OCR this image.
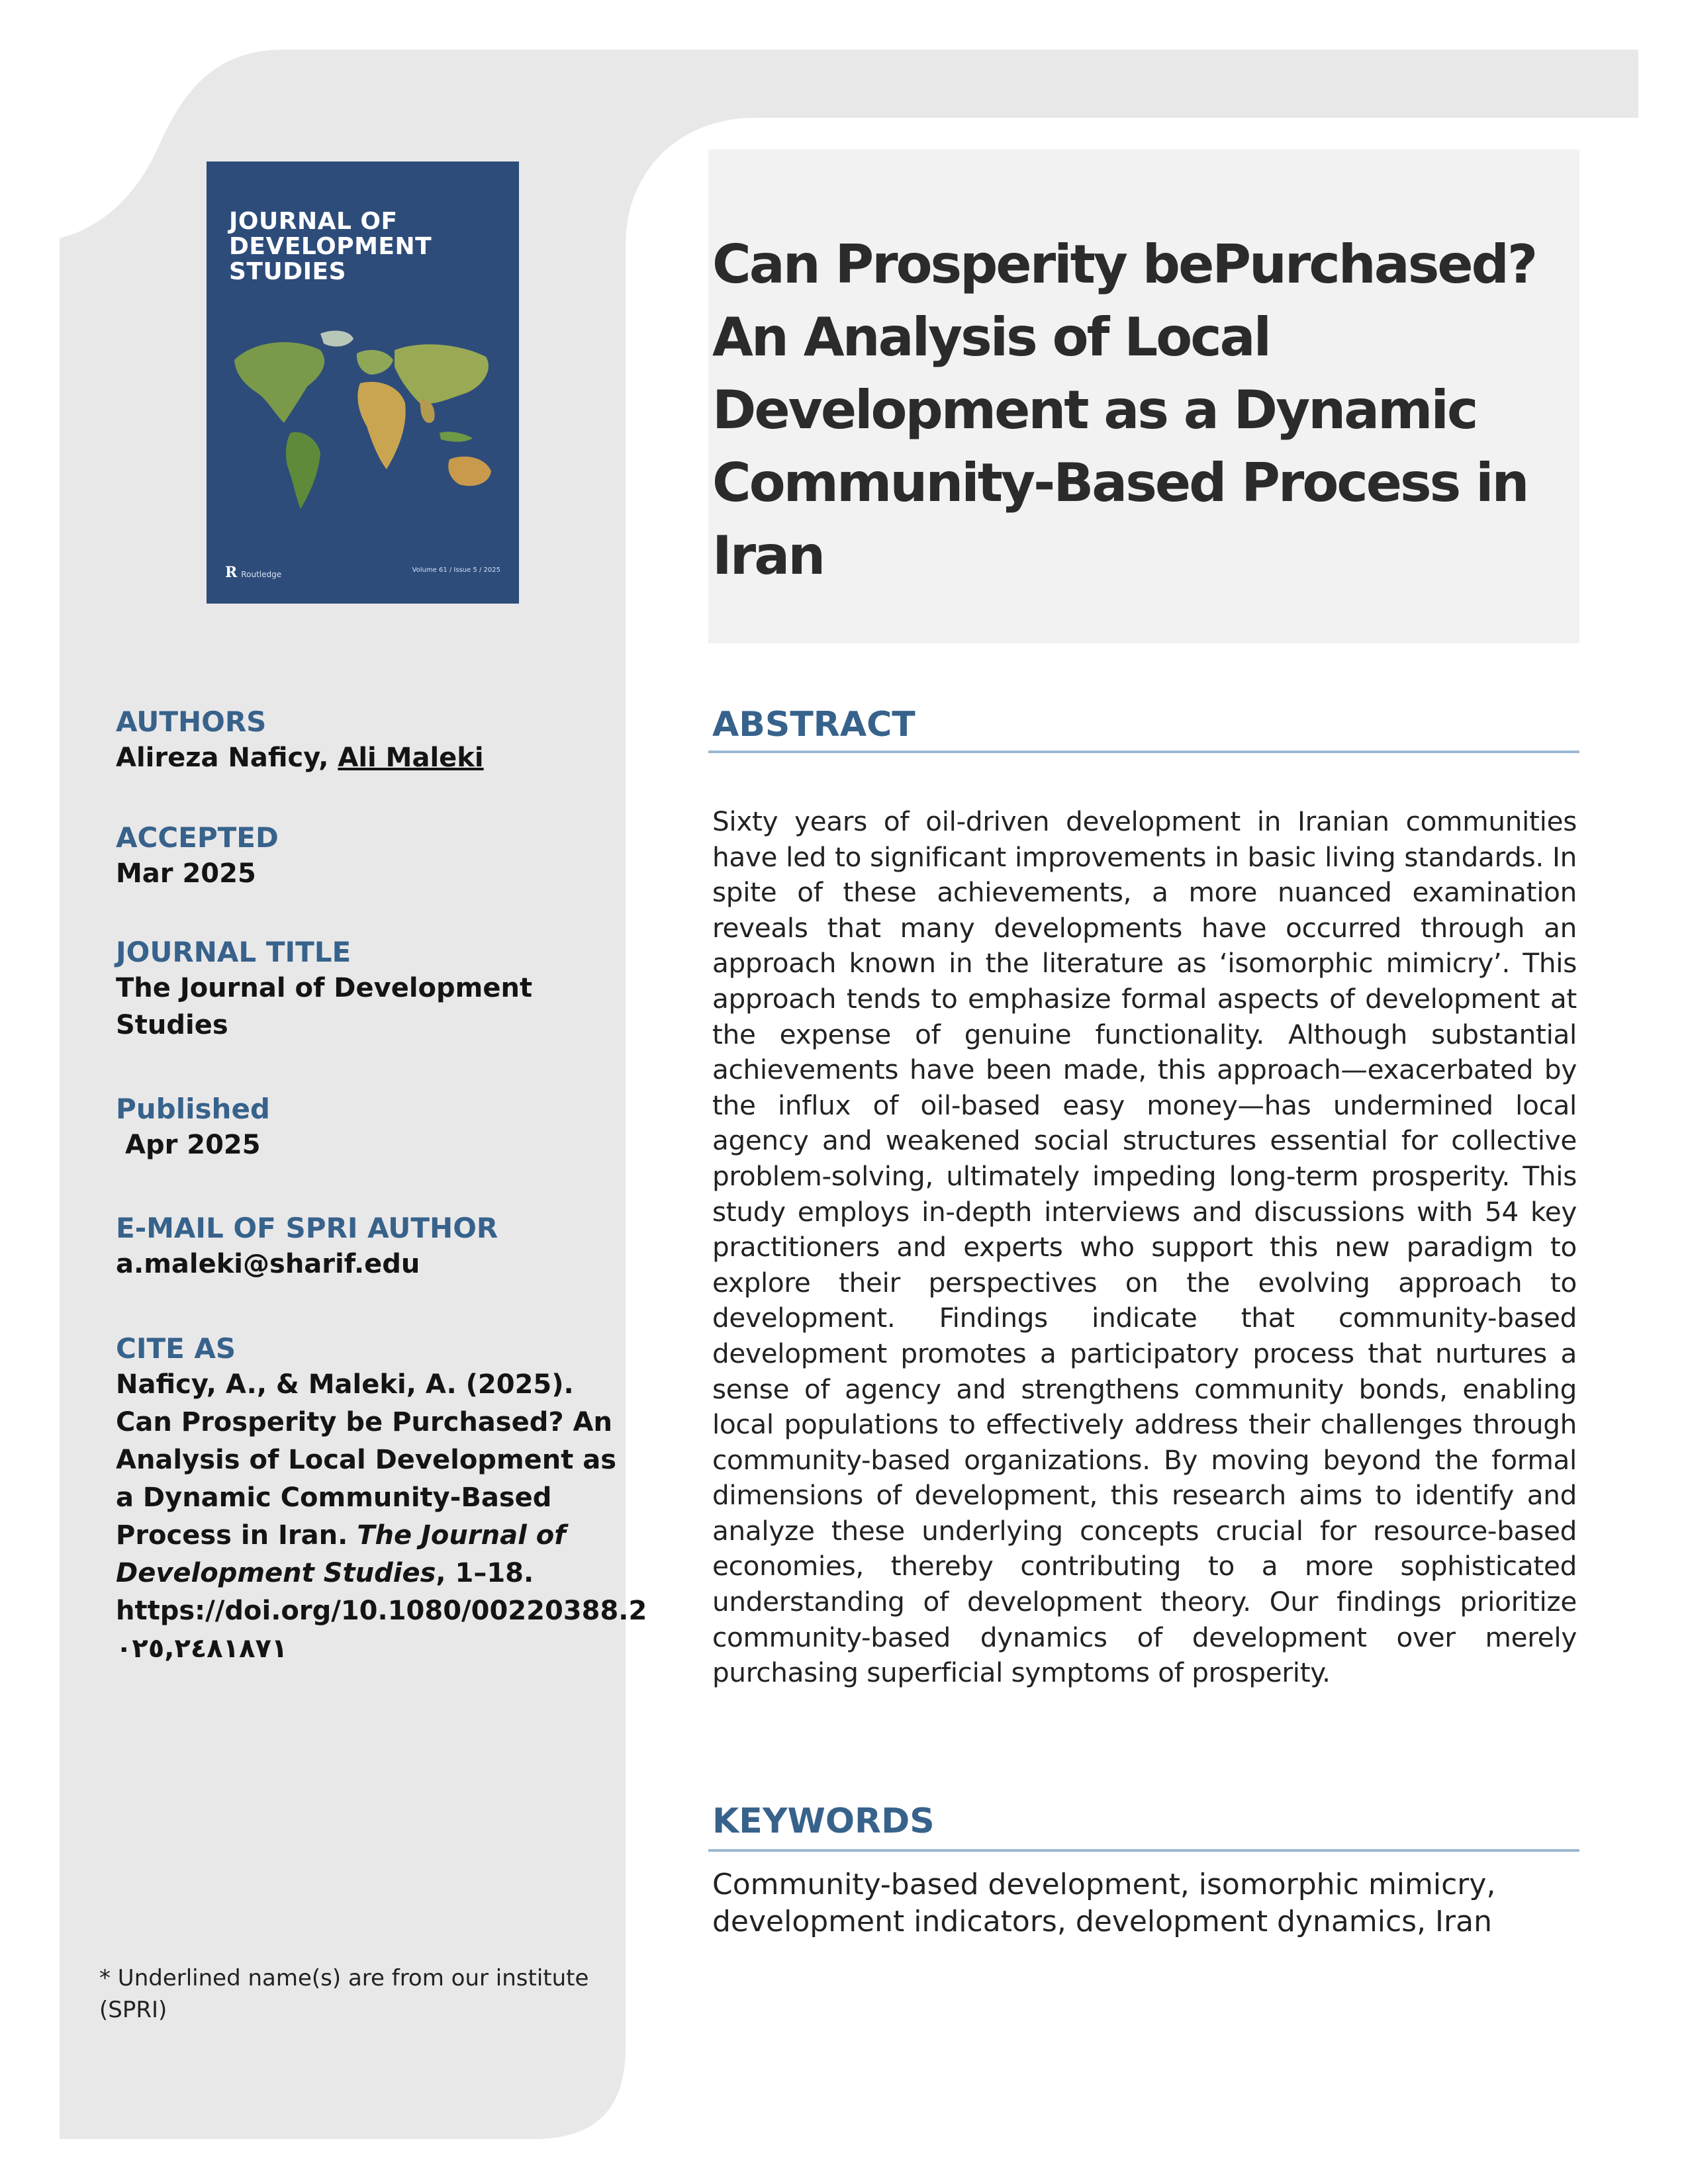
JOURNAL OF
DEVELOPMENT
STUDIES
R Routledge	Volume 61 / Issue 5 / 2025
Can Prosperity bePurchased?
An Analysis of Local
Development as a Dynamic
Community-Based Process in
Iran

AUTHORS

Alireza Naficy, Ali Maleki

ACCEPTED

Mar 2025

JOURNAL TITLE

The Journal of Development Studies

Published

Apr 2025

E-MAIL OF SPRI AUTHOR

a.maleki@sharif.edu

CITE AS

Naficy, A., & Maleki, A. (2025). Can Prosperity be Purchased? An Analysis of Local Development as a Dynamic Community-Based Process in Iran. The Journal of Development Studies, 1–18. https://doi.org/10.1080/00220388.2 ٠٢٥,٢٤٨١٨٧١

* Underlined name(s) are from our institute (SPRI)
ABSTRACT

Sixty years of oil-driven development in Iranian communities have led to significant improvements in basic living standards. In spite of these achievements, a more nuanced examination reveals that many developments have occurred through an approach known in the literature as ‘isomorphic mimicry’. This approach tends to emphasize formal aspects of development at the expense of genuine functionality. Although substantial achievements have been made, this approach—exacerbated by the influx of oil-based easy money—has undermined local agency and weakened social structures essential for collective problem-solving, ultimately impeding long-term prosperity. This study employs in-depth interviews and discussions with 54 key practitioners and experts who support this new paradigm to explore their perspectives on the evolving approach to development. Findings indicate that community-based development promotes a participatory process that nurtures a sense of agency and strengthens community bonds, enabling local populations to effectively address their challenges through community-based organizations. By moving beyond the formal dimensions of development, this research aims to identify and analyze these underlying concepts crucial for resource-based economies, thereby contributing to a more sophisticated understanding of development theory. Our findings prioritize community-based dynamics of development over merely purchasing superficial symptoms of prosperity.

KEYWORDS

Community-based development, isomorphic mimicry, development indicators, development dynamics, Iran
